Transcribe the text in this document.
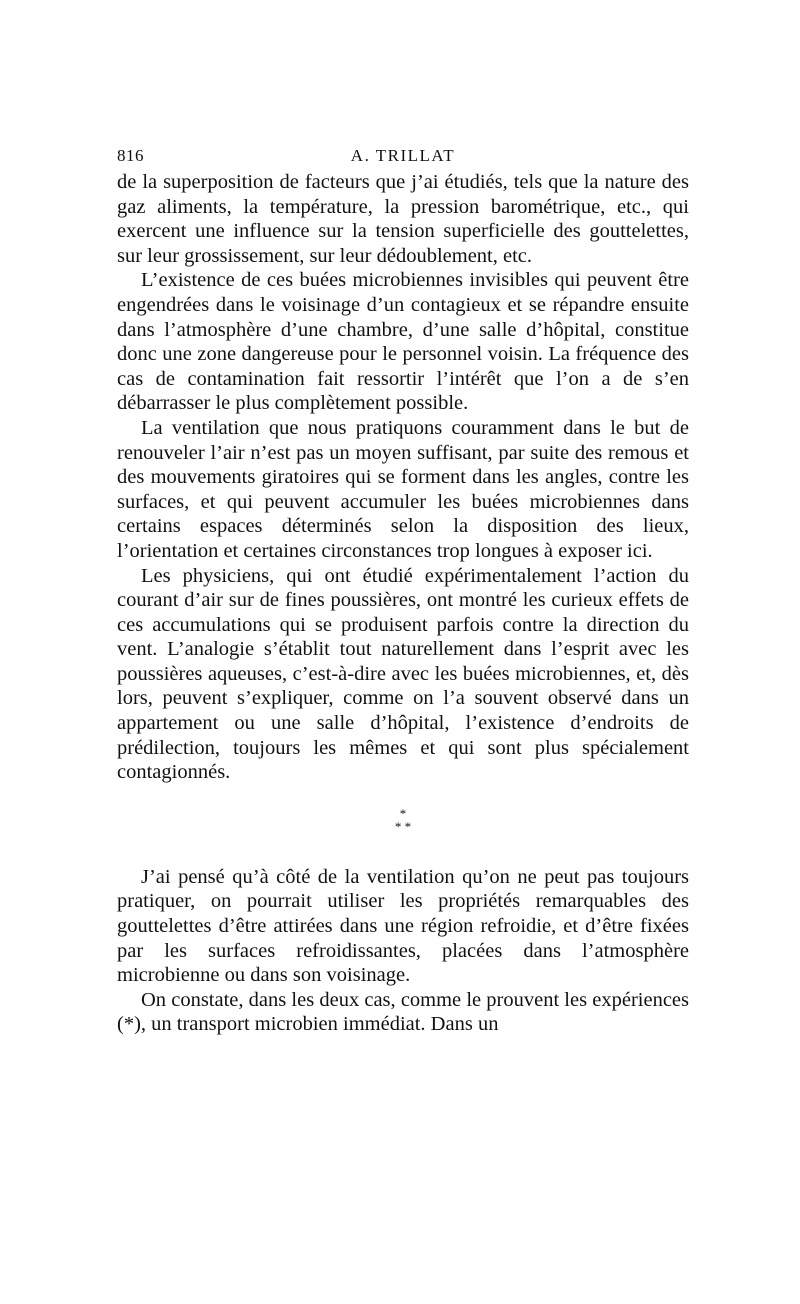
816	A. TRILLAT

de la superposition de facteurs que j’ai étudiés, tels que la nature des gaz aliments, la température, la pression barométrique, etc., qui exercent une influence sur la tension superficielle des gouttelettes, sur leur grossissement, sur leur dédoublement, etc.

L’existence de ces buées microbiennes invisibles qui peuvent être engendrées dans le voisinage d’un contagieux et se répandre ensuite dans l’atmosphère d’une chambre, d’une salle d’hôpital, constitue donc une zone dangereuse pour le personnel voisin. La fréquence des cas de contamination fait ressortir l’intérêt que l’on a de s’en débarrasser le plus complètement possible.

La ventilation que nous pratiquons couramment dans le but de renouveler l’air n’est pas un moyen suffisant, par suite des remous et des mouvements giratoires qui se forment dans les angles, contre les surfaces, et qui peuvent accumuler les buées microbiennes dans certains espaces déterminés selon la disposition des lieux, l’orientation et certaines circonstances trop longues à exposer ici.

Les physiciens, qui ont étudié expérimentalement l’action du courant d’air sur de fines poussières, ont montré les curieux effets de ces accumulations qui se produisent parfois contre la direction du vent. L’analogie s’établit tout naturellement dans l’esprit avec les poussières aqueuses, c’est-à-dire avec les buées microbiennes, et, dès lors, peuvent s’expliquer, comme on l’a souvent observé dans un appartement ou une salle d’hôpital, l’existence d’endroits de prédilection, toujours les mêmes et qui sont plus spécialement contagionnés.

*
* *

J’ai pensé qu’à côté de la ventilation qu’on ne peut pas toujours pratiquer, on pourrait utiliser les propriétés remarquables des gouttelettes d’être attirées dans une région refroidie, et d’être fixées par les surfaces refroidissantes, placées dans l’atmosphère microbienne ou dans son voisinage.

On constate, dans les deux cas, comme le prouvent les expériences (*), un transport microbien immédiat. Dans un
